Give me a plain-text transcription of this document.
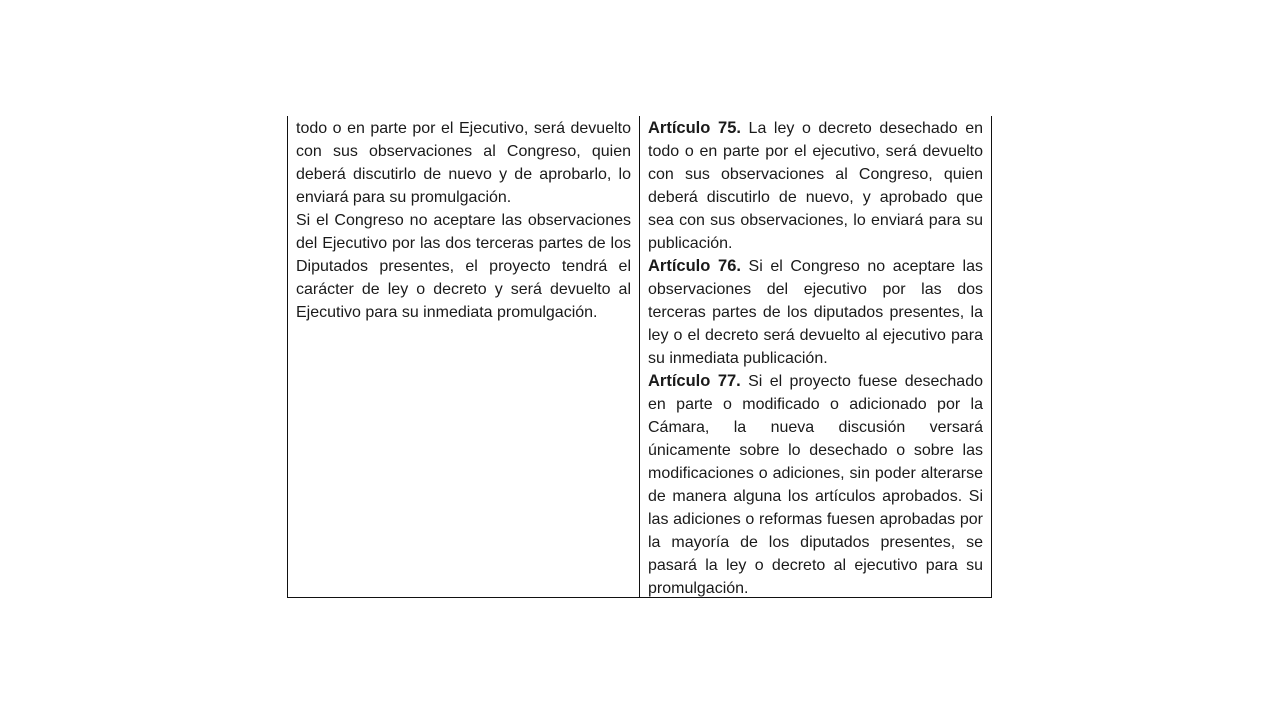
todo o en parte por el Ejecutivo, será devuelto con sus observaciones al Congreso, quien deberá discutirlo de nuevo y de aprobarlo, lo enviará para su promulgación.

Si el Congreso no aceptare las observaciones del Ejecutivo por las dos terceras partes de los Diputados presentes, el proyecto tendrá el carácter de ley o decreto y será devuelto al Ejecutivo para su inmediata promulgación.

Artículo 75. La ley o decreto desechado en todo o en parte por el ejecutivo, será devuelto con sus observaciones al Congreso, quien deberá discutirlo de nuevo, y aprobado que sea con sus observaciones, lo enviará para su publicación.

Artículo 76. Si el Congreso no aceptare las observaciones del ejecutivo por las dos terceras partes de los diputados presentes, la ley o el decreto será devuelto al ejecutivo para su inmediata publicación.

Artículo 77. Si el proyecto fuese desechado en parte o modificado o adicionado por la Cámara, la nueva discusión versará únicamente sobre lo desechado o sobre las modificaciones o adiciones, sin poder alterarse de manera alguna los artículos aprobados. Si las adiciones o reformas fuesen aprobadas por la mayoría de los diputados presentes, se pasará la ley o decreto al ejecutivo para su promulgación.
